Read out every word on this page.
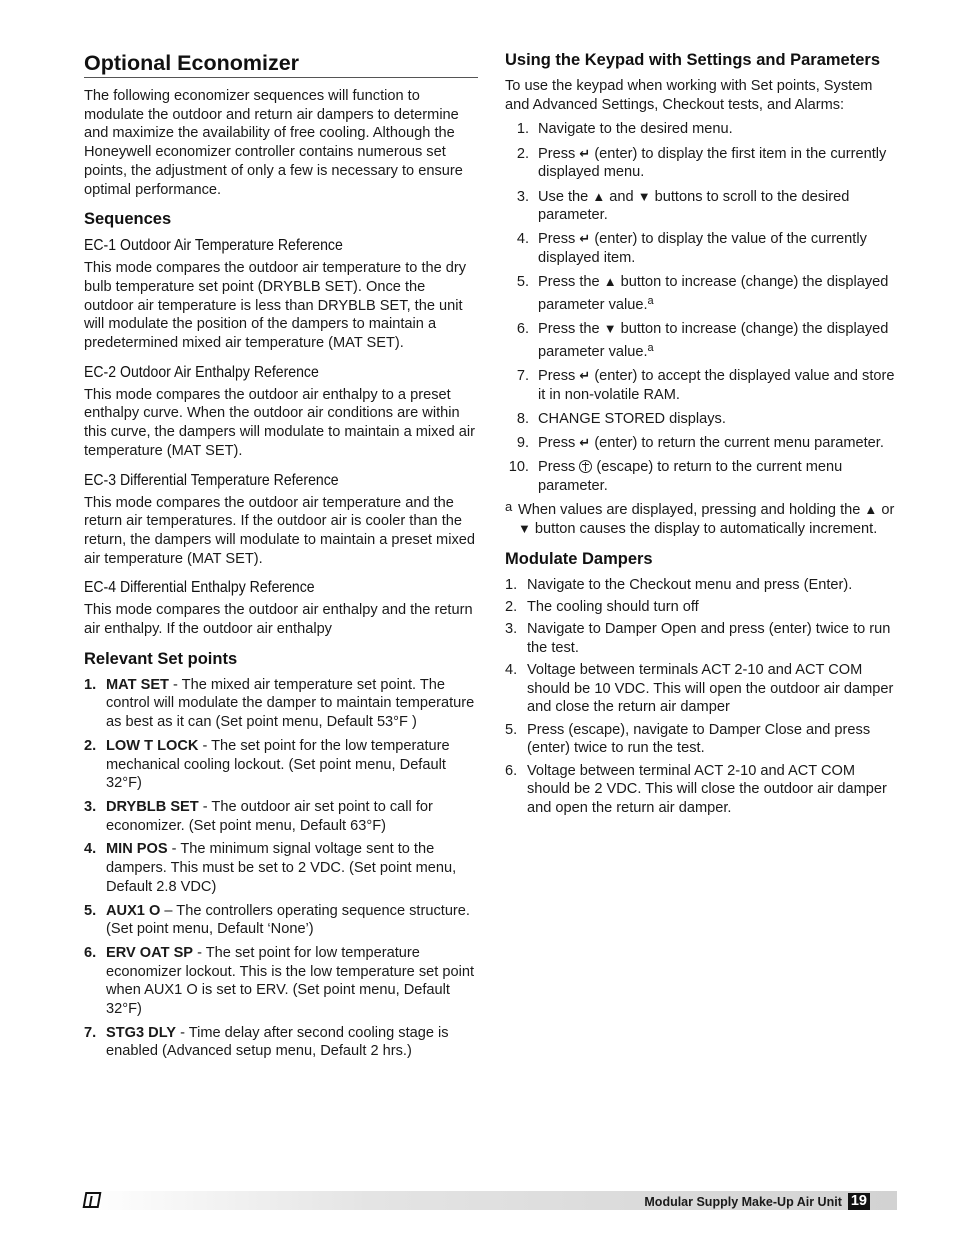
Optional Economizer

The following economizer sequences will function to modulate the outdoor and return air dampers to determine and maximize the availability of free cooling. Although the Honeywell economizer controller contains numerous set points, the adjustment of only a few is necessary to ensure optimal performance.

Sequences
EC-1 Outdoor Air Temperature Reference

This mode compares the outdoor air temperature to the dry bulb temperature set point (DRYBLB SET). Once the outdoor air temperature is less than DRYBLB SET, the unit will modulate the position of the dampers to maintain a predetermined mixed air temperature (MAT SET).

EC-2 Outdoor Air Enthalpy Reference

This mode compares the outdoor air enthalpy to a preset enthalpy curve. When the outdoor air conditions are within this curve, the dampers will modulate to maintain a mixed air temperature (MAT SET).

EC-3 Differential Temperature Reference

This mode compares the outdoor air temperature and the return air temperatures. If the outdoor air is cooler than the return, the dampers will modulate to maintain a preset mixed air temperature (MAT SET).

EC-4 Differential Enthalpy Reference

This mode compares the outdoor air enthalpy and the return air enthalpy. If the outdoor air enthalpy

Relevant Set points
1. MAT SET - The mixed air temperature set point. The control will modulate the damper to maintain temperature as best as it can (Set point menu, Default 53°F )
2. LOW T LOCK - The set point for the low temperature mechanical cooling lockout. (Set point menu, Default 32°F)
3. DRYBLB SET - The outdoor air set point to call for economizer. (Set point menu, Default 63°F)
4. MIN POS - The minimum signal voltage sent to the dampers. This must be set to 2 VDC. (Set point menu, Default 2.8 VDC)
5. AUX1 O – The controllers operating sequence structure. (Set point menu, Default ‘None’)
6. ERV OAT SP - The set point for low temperature economizer lockout. This is the low temperature set point when AUX1 O is set to ERV. (Set point menu, Default 32°F)
7. STG3 DLY - Time delay after second cooling stage is enabled (Advanced setup menu, Default 2 hrs.)
Using the Keypad with Settings and Parameters

To use the keypad when working with Set points, System and Advanced Settings, Checkout tests, and Alarms:

1. Navigate to the desired menu.
2. Press ↵ (enter) to display the first item in the currently displayed menu.
3. Use the ▲ and ▼ buttons to scroll to the desired parameter.
4. Press ↵ (enter) to display the value of the currently displayed item.
5. Press the ▲ button to increase (change) the displayed parameter value.$^a$
6. Press the ▼ button to increase (change) the displayed parameter value.$^a$
7. Press ↵ (enter) to accept the displayed value and store it in non-volatile RAM.
8. CHANGE STORED displays.
9. Press ↵ (enter) to return the current menu parameter.
10. Press  (escape) to return to the current menu parameter.
a When values are displayed, pressing and holding the ▲ or ▼ button causes the display to automatically increment.
Modulate Dampers
1. Navigate to the Checkout menu and press (Enter).
2. The cooling should turn off
3. Navigate to Damper Open and press (enter) twice to run the test.
4. Voltage between terminals ACT 2-10 and ACT COM should be 10 VDC. This will open the outdoor air damper and close the return air damper
5. Press (escape), navigate to Damper Close and press (enter) twice to run the test.
6. Voltage between terminal ACT 2-10 and ACT COM should be 2 VDC. This will close the outdoor air damper and open the return air damper.
Modular Supply Make-Up Air Unit 19
